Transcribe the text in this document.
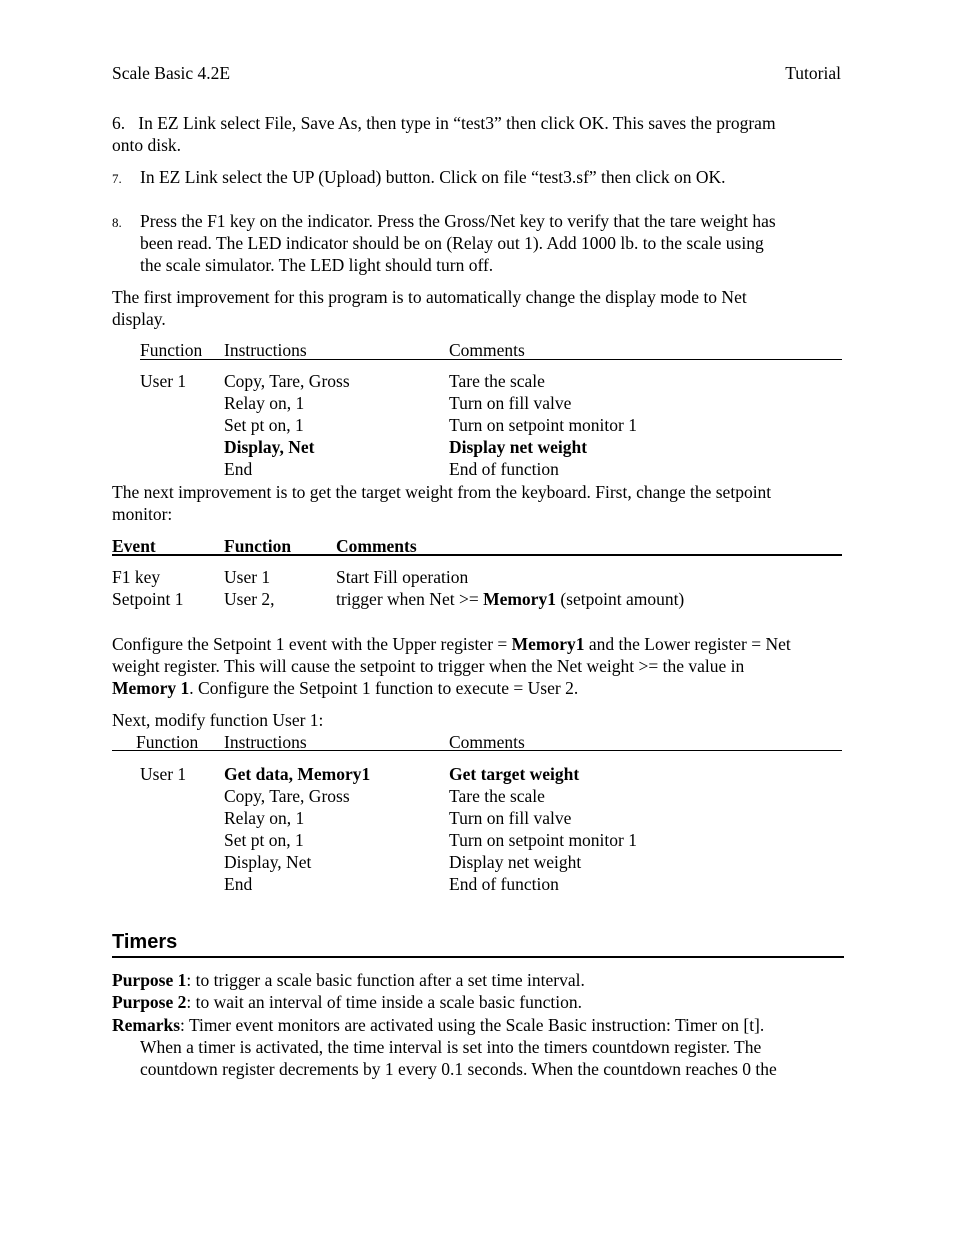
Scale Basic 4.2E	Tutorial
6. In EZ Link select File, Save As, then type in “test3” then click OK. This saves the program
onto disk.
7. In EZ Link select the UP (Upload) button. Click on file “test3.sf” then click on OK.
8. Press the F1 key on the indicator. Press the Gross/Net key to verify that the tare weight has
been read. The LED indicator should be on (Relay out 1). Add 1000 lb. to the scale using
the scale simulator. The LED light should turn off.
The first improvement for this program is to automatically change the display mode to Net
display.
Function Instructions	Comments
User 1 Copy, Tare, Gross	Tare the scale
Relay on, 1	Turn on fill valve
Set pt on, 1	Turn on setpoint monitor 1
Display, Net	Display net weight
End	End of function
The next improvement is to get the target weight from the keyboard. First, change the setpoint
monitor:
Event	Function	Comments
F1 key	User 1	Start Fill operation
Setpoint 1 User 2,	trigger when Net >= Memory1 (setpoint amount)
Configure the Setpoint 1 event with the Upper register = Memory1 and the Lower register = Net
weight register. This will cause the setpoint to trigger when the Net weight >= the value in
Memory 1. Configure the Setpoint 1 function to execute = User 2.
Next, modify function User 1:
Function Instructions	Comments
User 1 Get data, Memory1	Get target weight
Copy, Tare, Gross	Tare the scale
Relay on, 1	Turn on fill valve
Set pt on, 1	Turn on setpoint monitor 1
Display, Net	Display net weight
End	End of function
Timers
Purpose 1: to trigger a scale basic function after a set time interval.
Purpose 2: to wait an interval of time inside a scale basic function.
Remarks: Timer event monitors are activated using the Scale Basic instruction: Timer on [t].
When a timer is activated, the time interval is set into the timers countdown register. The
countdown register decrements by 1 every 0.1 seconds. When the countdown reaches 0 the
